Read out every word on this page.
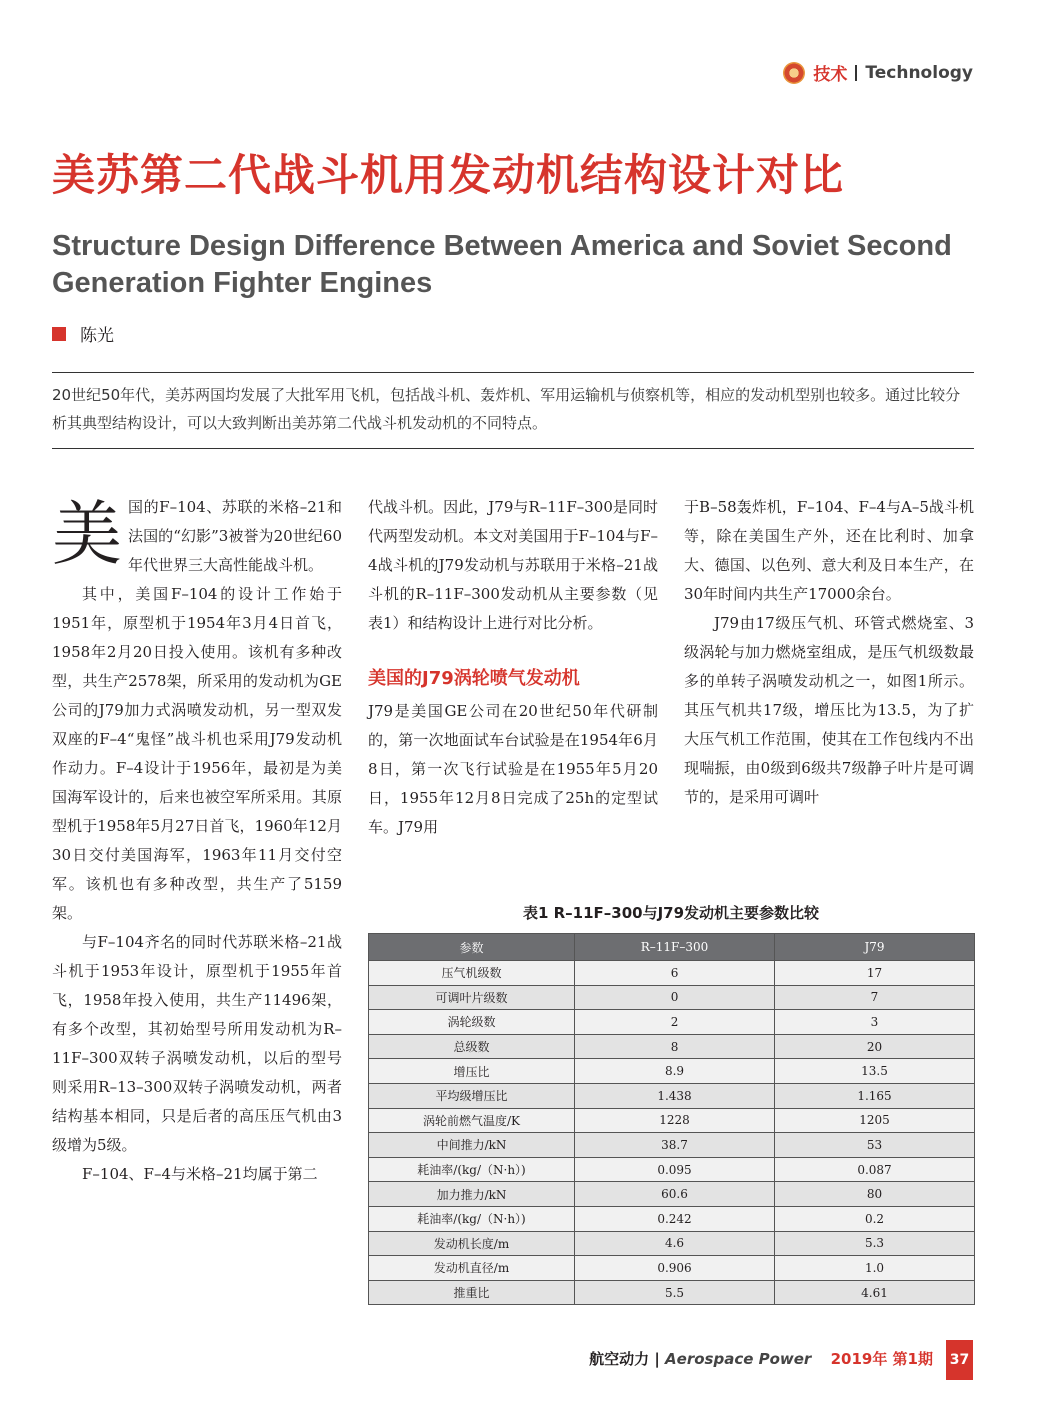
技术 Technology
美苏第二代战斗机用发动机结构设计对比
Structure Design Difference Between America and Soviet Second Generation Fighter Engines
陈光
20世纪50年代，美苏两国均发展了大批军用飞机，包括战斗机、轰炸机、军用运输机与侦察机等，相应的发动机型别也较多。通过比较分析其典型结构设计，可以大致判断出美苏第二代战斗机发动机的不同特点。

美 国的F–104、苏联的米格–21和法国的“幻影”3被誉为20世纪60年代世界三大高性能战斗机。

其中，美国F–104的设计工作始于1951年，原型机于1954年3月4日首飞，1958年2月20日投入使用。该机有多种改型，共生产2578架，所采用的发动机为GE公司的J79加力式涡喷发动机，另一型双发双座的F–4“鬼怪”战斗机也采用J79发动机作动力。F–4设计于1956年，最初是为美国海军设计的，后来也被空军所采用。其原型机于1958年5月27日首飞，1960年12月30日交付美国海军，1963年11月交付空军。该机也有多种改型，共生产了5159架。

与F–104齐名的同时代苏联米格–21战斗机于1953年设计，原型机于1955年首飞，1958年投入使用，共生产11496架，有多个改型，其初始型号所用发动机为R–11F–300双转子涡喷发动机，以后的型号则采用R–13–300双转子涡喷发动机，两者结构基本相同，只是后者的高压压气机由3级增为5级。

F–104、F–4与米格–21均属于第二

代战斗机。因此，J79与R–11F–300是同时代两型发动机。本文对美国用于F–104与F–4战斗机的J79发动机与苏联用于米格–21战斗机的R–11F–300发动机从主要参数（见表1）和结构设计上进行对比分析。

美国的J79涡轮喷气发动机

J79是美国GE公司在20世纪50年代研制的，第一次地面试车台试验是在1954年6月8日，第一次飞行试验是在1955年5月20日，1955年12月8日完成了25h的定型试车。J79用

于B–58轰炸机，F–104、F–4与A–5战斗机等，除在美国生产外，还在比利时、加拿大、德国、以色列、意大利及日本生产，在30年时间内共生产17000余台。

J79由17级压气机、环管式燃烧室、3级涡轮与加力燃烧室组成，是压气机级数最多的单转子涡喷发动机之一，如图1所示。其压气机共17级，增压比为13.5，为了扩大压气机工作范围，使其在工作包线内不出现喘振，由0级到6级共7级静子叶片是可调节的，是采用可调叶

表1 R–11F–300与J79发动机主要参数比较
参数	R–11F–300	J79
压气机级数	6	17
可调叶片级数	0	7
涡轮级数	2	3
总级数	8	20
增压比	8.9	13.5
平均级增压比	1.438	1.165
涡轮前燃气温度/K	1228	1205
中间推力/kN	38.7	53
耗油率/(kg/（N·h）)	0.095	0.087
加力推力/kN	60.6	80
耗油率/(kg/（N·h）)	0.242	0.2
发动机长度/m	4.6	5.3
发动机直径/m	0.906	1.0
推重比	5.5	4.61
航空动力 | Aerospace Power 2019年 第1期 37
